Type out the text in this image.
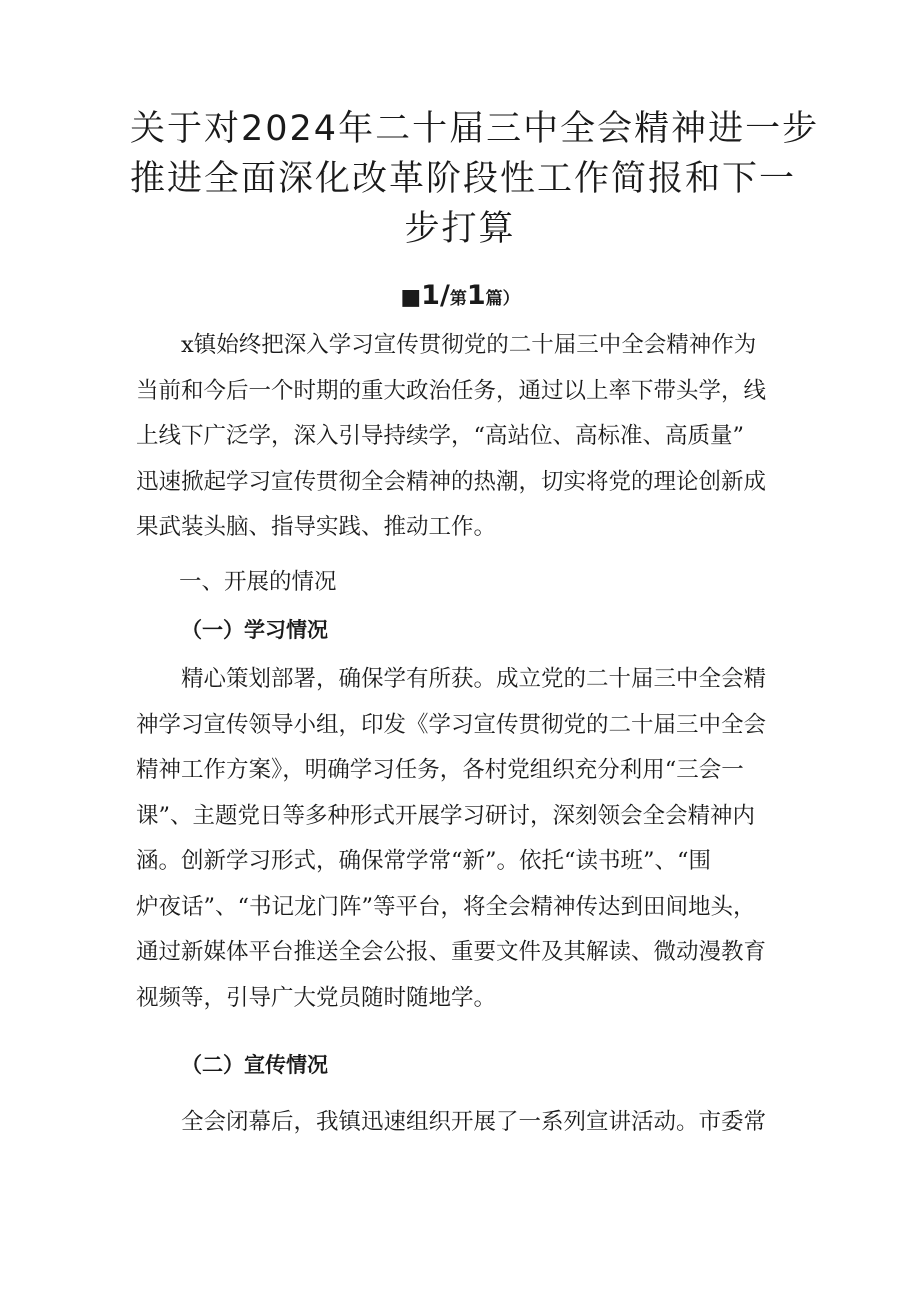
关于对2024年二十届三中全会精神进一步
推进全面深化改革阶段性工作简报和下一
步打算
■1/第1篇）

x镇始终把深入学习宣传贯彻党的二十届三中全会精神作为
当前和今后一个时期的重大政治任务，通过以上率下带头学，线
上线下广泛学，深入引导持续学，“高站位、高标准、高质量”
迅速掀起学习宣传贯彻全会精神的热潮，切实将党的理论创新成
果武装头脑、指导实践、推动工作。

一、开展的情况
（一）学习情况

精心策划部署，确保学有所获。成立党的二十届三中全会精
神学习宣传领导小组，印发《学习宣传贯彻党的二十届三中全会
精神工作方案》，明确学习任务，各村党组织充分利用“三会一
课”、主题党日等多种形式开展学习研讨，深刻领会全会精神内
涵。创新学习形式，确保常学常“新”。依托“读书班”、“围
炉夜话”、“书记龙门阵”等平台，将全会精神传达到田间地头，
通过新媒体平台推送全会公报、重要文件及其解读、微动漫教育
视频等，引导广大党员随时随地学。

（二）宣传情况

全会闭幕后，我镇迅速组织开展了一系列宣讲活动。市委常
